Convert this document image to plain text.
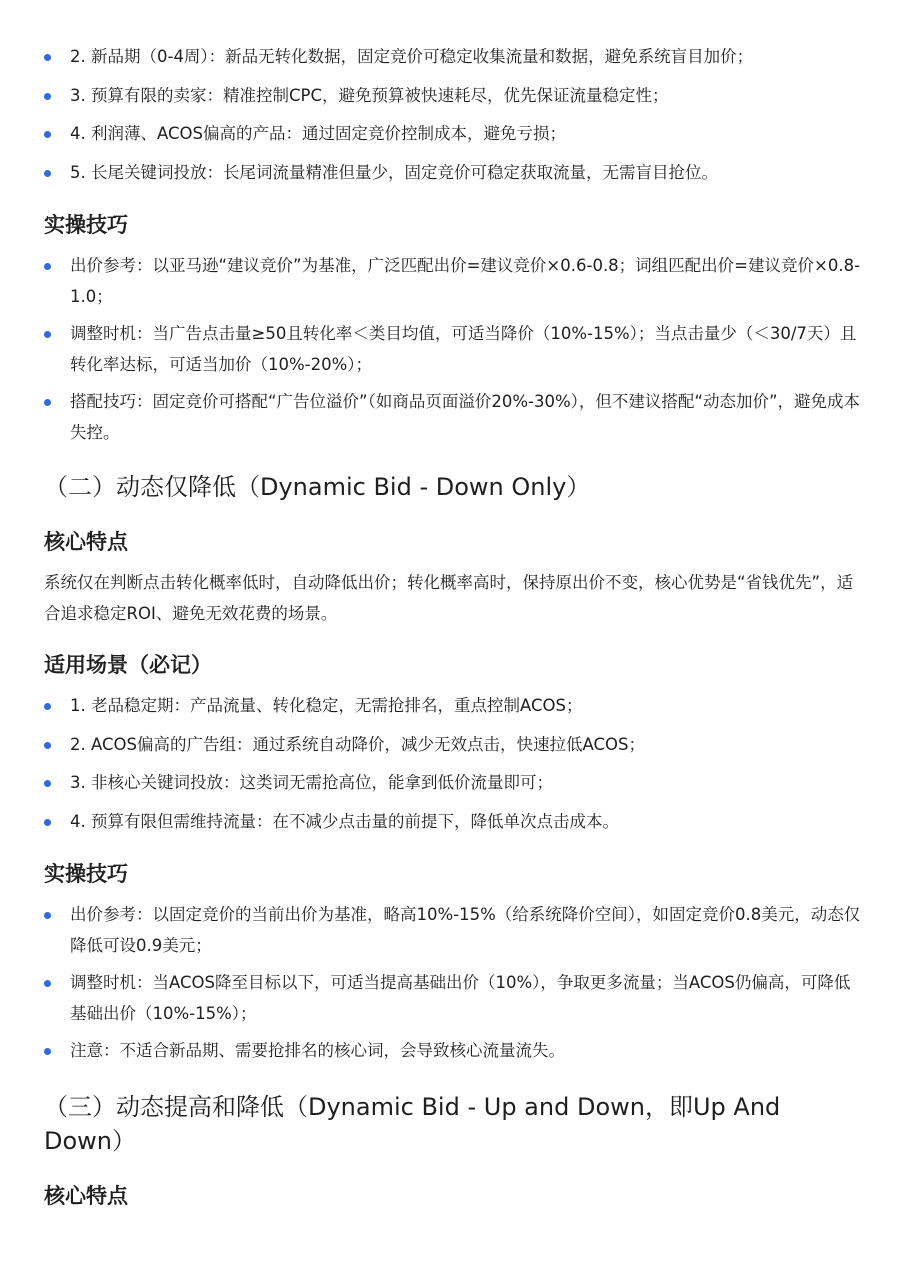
2. 新品期（0-4周）：新品无转化数据，固定竞价可稳定收集流量和数据，避免系统盲目加价；
3. 预算有限的卖家：精准控制CPC，避免预算被快速耗尽，优先保证流量稳定性；
4. 利润薄、ACOS偏高的产品：通过固定竞价控制成本，避免亏损；
5. 长尾关键词投放：长尾词流量精准但量少，固定竞价可稳定获取流量，无需盲目抢位。
实操技巧
出价参考：以亚马逊“建议竞价”为基准，广泛匹配出价=建议竞价×0.6-0.8；词组匹配出价=建议竞价×0.8-1.0；
调整时机：当广告点击量≥50且转化率＜类目均值，可适当降价（10%-15%）；当点击量少（＜30/7天）且转化率达标，可适当加价（10%-20%）；
搭配技巧：固定竞价可搭配“广告位溢价”（如商品页面溢价20%-30%），但不建议搭配“动态加价”，避免成本失控。
（二）动态仅降低（Dynamic Bid - Down Only）
核心特点
系统仅在判断点击转化概率低时，自动降低出价；转化概率高时，保持原出价不变，核心优势是“省钱优先”，适合追求稳定ROI、避免无效花费的场景。
适用场景（必记）
1. 老品稳定期：产品流量、转化稳定，无需抢排名，重点控制ACOS；
2. ACOS偏高的广告组：通过系统自动降价，减少无效点击，快速拉低ACOS；
3. 非核心关键词投放：这类词无需抢高位，能拿到低价流量即可；
4. 预算有限但需维持流量：在不减少点击量的前提下，降低单次点击成本。
实操技巧
出价参考：以固定竞价的当前出价为基准，略高10%-15%（给系统降价空间），如固定竞价0.8美元，动态仅降低可设0.9美元；
调整时机：当ACOS降至目标以下，可适当提高基础出价（10%），争取更多流量；当ACOS仍偏高，可降低基础出价（10%-15%）；
注意：不适合新品期、需要抢排名的核心词，会导致核心流量流失。
（三）动态提高和降低（Dynamic Bid - Up and Down，即Up And Down）
核心特点
